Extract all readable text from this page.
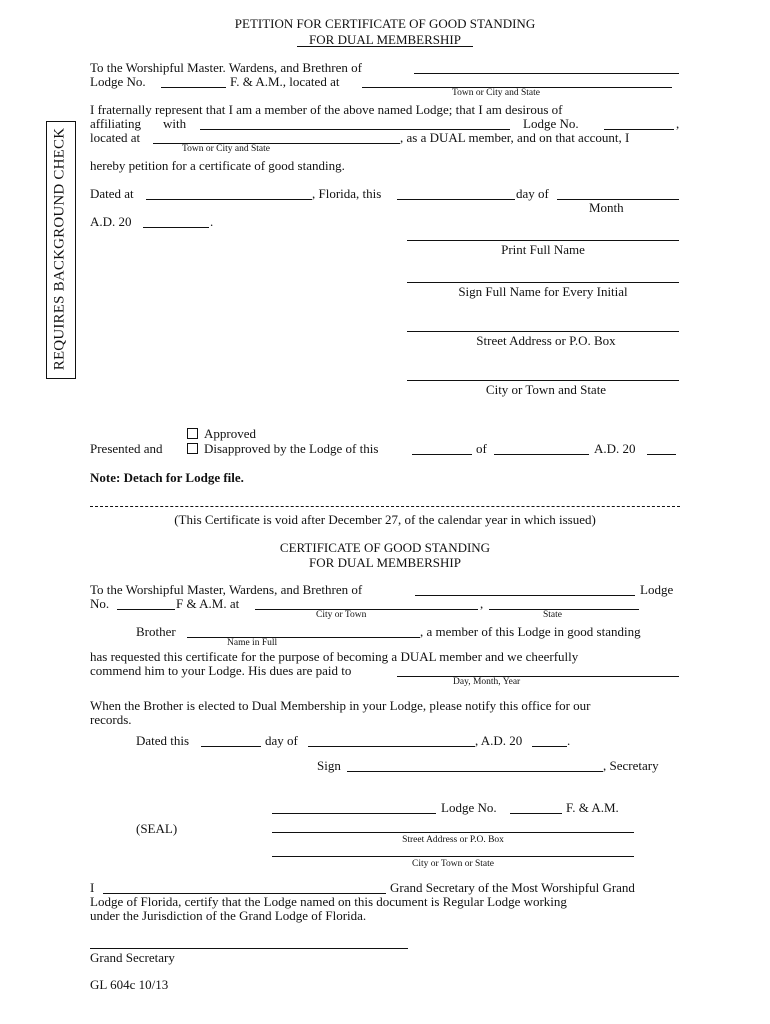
REQUIRES BACKGROUND CHECK
PETITION FOR CERTIFICATE OF GOOD STANDING
FOR DUAL MEMBERSHIP
To the Worshipful Master. Wardens, and Brethren of
Lodge No.	F. & A.M., located at
Town or City and State
I fraternally represent that I am a member of the above named Lodge; that I am desirous of
affiliating with	Lodge No.	,
located at	, as a DUAL member, and on that account, I
Town or City and State
hereby petition for a certificate of good standing.
Dated at	, Florida, this	day of
Month
A.D. 20	.
Print Full Name
Sign Full Name for Every Initial
Street Address or P.O. Box
City or Town and State
Approved
Presented and	Disapproved by the Lodge of this	of	A.D. 20
Note: Detach for Lodge file.
(This Certificate is void after December 27, of the calendar year in which issued)
CERTIFICATE OF GOOD STANDING
FOR DUAL MEMBERSHIP
To the Worshipful Master, Wardens, and Brethren of	Lodge
No.	F & A.M. at	,
City or Town	State
Brother	, a member of this Lodge in good standing
Name in Full
has requested this certificate for the purpose of becoming a DUAL member and we cheerfully
commend him to your Lodge. His dues are paid to
Day, Month, Year
When the Brother is elected to Dual Membership in your Lodge, please notify this office for our
records.
Dated this	day of	, A.D. 20	.
Sign	, Secretary
Lodge No.	F. & A.M.
(SEAL)
Street Address or P.O. Box
City or Town or State
I	Grand Secretary of the Most Worshipful Grand
Lodge of Florida, certify that the Lodge named on this document is Regular Lodge working
under the Jurisdiction of the Grand Lodge of Florida.
Grand Secretary
GL 604c 10/13
